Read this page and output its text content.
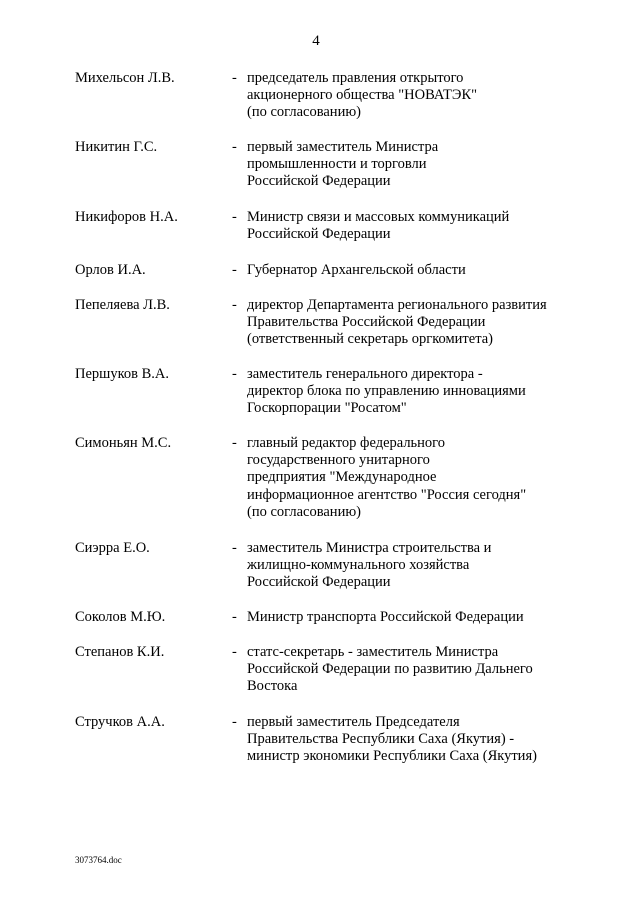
4
Михельсон Л.В.	- председатель правления открытого
акционерного общества "НОВАТЭК"
(по согласованию)
Никитин Г.С.	- первый заместитель Министра
промышленности и торговли
Российской Федерации
Никифоров Н.А.	- Министр связи и массовых коммуникаций
Российской Федерации
Орлов И.А.	- Губернатор Архангельской области
Пепеляева Л.В.	- директор Департамента регионального развития
Правительства Российской Федерации
(ответственный секретарь оргкомитета)
Першуков В.А.	- заместитель генерального директора -
директор блока по управлению инновациями
Госкорпорации "Росатом"
Симоньян М.С.	- главный редактор федерального
государственного унитарного
предприятия "Международное
информационное агентство "Россия сегодня"
(по согласованию)
Сиэрра Е.О.	- заместитель Министра строительства и
жилищно-коммунального хозяйства
Российской Федерации
Соколов М.Ю.	- Министр транспорта Российской Федерации
Степанов К.И.	- статс-секретарь - заместитель Министра
Российской Федерации по развитию Дальнего
Востока
Стручков А.А.	- первый заместитель Председателя
Правительства Республики Саха (Якутия) -
министр экономики Республики Саха (Якутия)
3073764.doc
